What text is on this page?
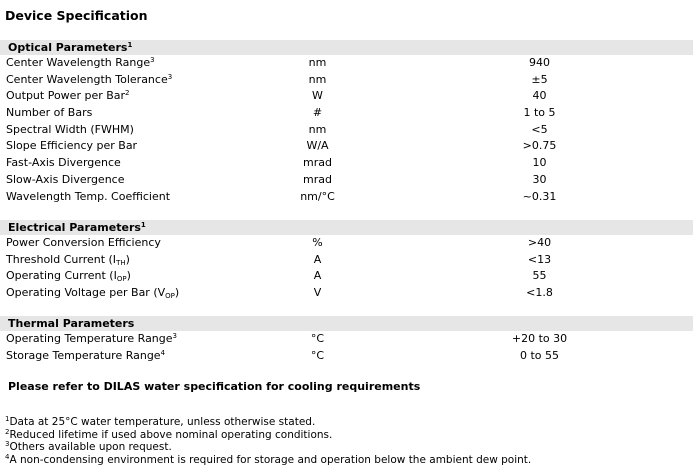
Device Specification
Optical Parameters$^1$
Center Wavelength Range$^3$	nm	940
Center Wavelength Tolerance$^3$	nm	±5
Output Power per Bar$^2$	W	40
Number of Bars	#	1 to 5
Spectral Width (FWHM)	nm	<5
Slope Efficiency per Bar	W/A	>0.75
Fast-Axis Divergence	mrad	10
Slow-Axis Divergence	mrad	30
Wavelength Temp. Coefficient	nm/°C	~0.31
Electrical Parameters$^1$
Power Conversion Efficiency	%	>40
Threshold Current $(I_{TH})$	A	<13
Operating Current $(I_{OP})$	A	55
Operating Voltage per Bar $(V_{OP})$	V	<1.8
Thermal Parameters
Operating Temperature Range$^3$	°C	+20 to 30
Storage Temperature Range$^4$	°C	0 to 55
Please refer to DILAS water specification for cooling requirements
$^1$Data at 25°C water temperature, unless otherwise stated.
$^2$Reduced lifetime if used above nominal operating conditions.
$^3$Others available upon request.
$^4$A non-condensing environment is required for storage and operation below the ambient dew point.
